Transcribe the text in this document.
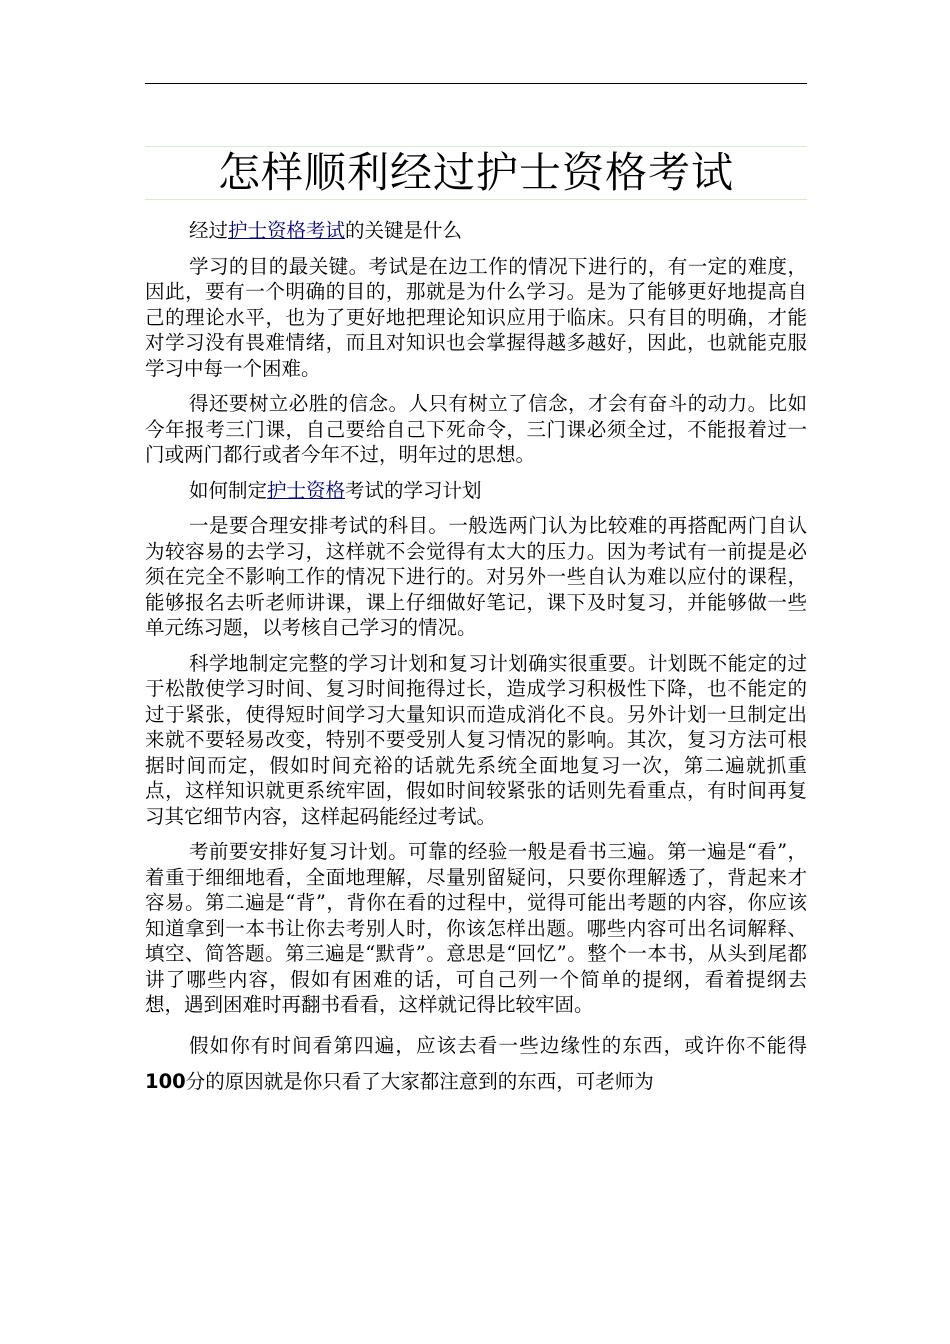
怎样顺利经过护士资格考试

经过护士资格考试的关键是什么

学习的目的最关键。考试是在边工作的情况下进行的，有一定的难度，因此，要有一个明确的目的，那就是为什么学习。是为了能够更好地提高自己的理论水平，也为了更好地把理论知识应用于临床。只有目的明确，才能对学习没有畏难情绪，而且对知识也会掌握得越多越好，因此，也就能克服学习中每一个困难。

得还要树立必胜的信念。人只有树立了信念，才会有奋斗的动力。比如今年报考三门课，自己要给自己下死命令，三门课必须全过，不能报着过一门或两门都行或者今年不过，明年过的思想。

如何制定护士资格考试的学习计划

一是要合理安排考试的科目。一般选两门认为比较难的再搭配两门自认为较容易的去学习，这样就不会觉得有太大的压力。因为考试有一前提是必须在完全不影响工作的情况下进行的。对另外一些自认为难以应付的课程，能够报名去听老师讲课，课上仔细做好笔记，课下及时复习，并能够做一些单元练习题，以考核自己学习的情况。

科学地制定完整的学习计划和复习计划确实很重要。计划既不能定的过于松散使学习时间、复习时间拖得过长，造成学习积极性下降，也不能定的过于紧张，使得短时间学习大量知识而造成消化不良。另外计划一旦制定出来就不要轻易改变，特别不要受别人复习情况的影响。其次，复习方法可根据时间而定，假如时间充裕的话就先系统全面地复习一次，第二遍就抓重点，这样知识就更系统牢固，假如时间较紧张的话则先看重点，有时间再复习其它细节内容，这样起码能经过考试。

考前要安排好复习计划。可靠的经验一般是看书三遍。第一遍是“看”，着重于细细地看，全面地理解，尽量别留疑问，只要你理解透了，背起来才容易。第二遍是“背”，背你在看的过程中，觉得可能出考题的内容，你应该知道拿到一本书让你去考别人时，你该怎样出题。哪些内容可出名词解释、填空、简答题。第三遍是“默背”。意思是“回忆”。整个一本书，从头到尾都讲了哪些内容，假如有困难的话，可自己列一个简单的提纲，看着提纲去想，遇到困难时再翻书看看，这样就记得比较牢固。

假如你有时间看第四遍，应该去看一些边缘性的东西，或许你不能得100分的原因就是你只看了大家都注意到的东西，可老师为
